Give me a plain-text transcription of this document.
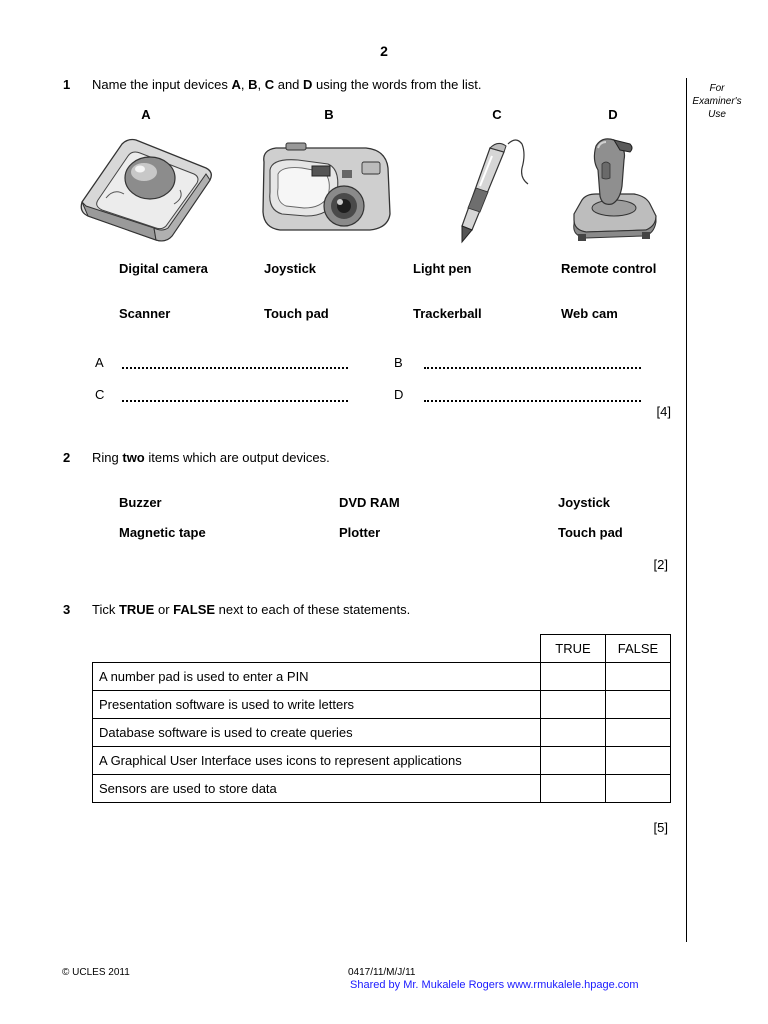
2
For
Examiner's
Use
1 Name the input devices A, B, C and D using the words from the list.
A	B	C	D
Digital camera	Joystick	Light pen	Remote control
Scanner	Touch pad	Trackerball	Web cam
A	B
C	D
[4]
2 Ring two items which are output devices.
Buzzer	DVD RAM	Joystick
Magnetic tape	Plotter	Touch pad
[2]
3 Tick TRUE or FALSE next to each of these statements.
	TRUE	FALSE
A number pad is used to enter a PIN		
Presentation software is used to write letters		
Database software is used to create queries		
A Graphical User Interface uses icons to represent applications		
Sensors are used to store data		
[5]
© UCLES 2011	0417/11/M/J/11
Shared by Mr. Mukalele Rogers www.rmukalele.hpage.com
